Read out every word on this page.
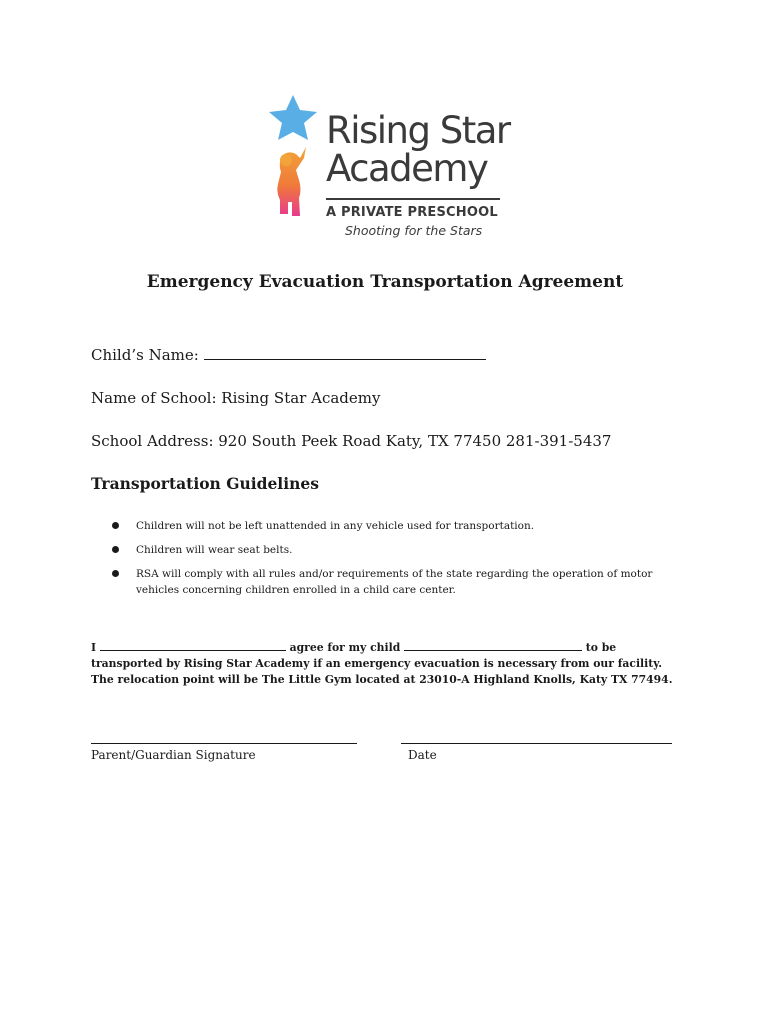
Rising Star
Academy
A PRIVATE PRESCHOOL
Shooting for the Stars
Emergency Evacuation Transportation Agreement
Child’s Name:
Name of School: Rising Star Academy
School Address: 920 South Peek Road Katy, TX 77450 281-391-5437
Transportation Guidelines
Children will not be left unattended in any vehicle used for transportation.
Children will wear seat belts.
RSA will comply with all rules and/or requirements of the state regarding the operation of motor vehicles concerning children enrolled in a child care center.
I	agree for my child	to be transported by Rising Star Academy if an emergency evacuation is necessary from our facility. The relocation point will be The Little Gym located at 23010-A Highland Knolls, Katy TX 77494.
Parent/Guardian Signature	Date
